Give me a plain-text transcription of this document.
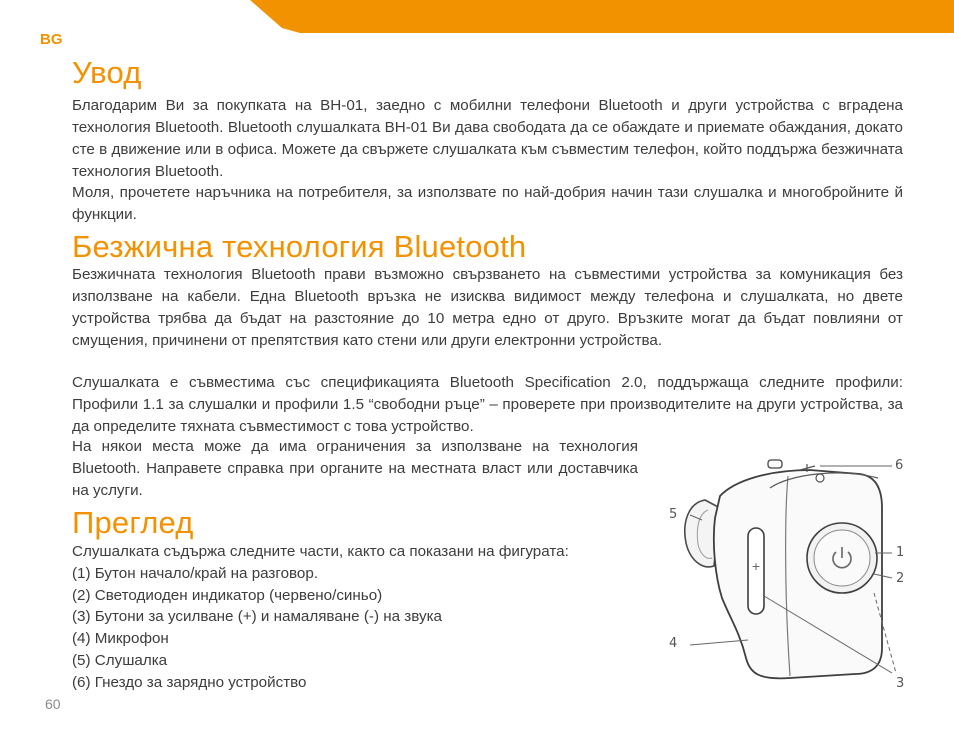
BG
Увод

Благодарим Ви за покупката на BH-01, заедно с мобилни телефони Bluetooth и други устройства с вградена технология Bluetooth. Bluetooth слушалката BH-01 Ви дава свободата да се обаждате и приемате обаждания, докато сте в движение или в офиса. Можете да свържете слушалката към съвместим телефон, който поддържа безжичната технология Bluetooth.

Моля, прочетете наръчника на потребителя, за използвате по най-добрия начин тази слушалка и многобройните й функции.

Безжична технология Bluetooth

Безжичната технология Bluetooth прави възможно свързването на съвместими устройства за комуникация без използване на кабели. Една Bluetooth връзка не изисква видимост между телефона и слушалката, но двете устройства трябва да бъдат на разстояние до 10 метра едно от друго. Връзките могат да бъдат повлияни от смущения, причинени от препятствия като стени или други електронни устройства.

Слушалката е съвместима със спецификацията Bluetooth Specification 2.0, поддържаща следните профили: Профили 1.1 за слушалки и профили 1.5 “свободни ръце” – проверете при производителите на други устройства, за да определите тяхната съвместимост с това устройство.

На някои места може да има ограничения за използване на технология Bluetooth. Направете справка при органите на местната власт или доставчика на услуги.

Преглед
Слушалката съдържа следните части, както са показани на фигурата:
(1) Бутон начало/край на разговор.
(2) Светодиоден индикатор (червено/синьо)
(3) Бутони за усилване (+) и намаляване (-) на звука
(4) Микрофон
(5) Слушалка
(6) Гнездо за зарядно устройство
+
6
1
2
3
4
5
60
